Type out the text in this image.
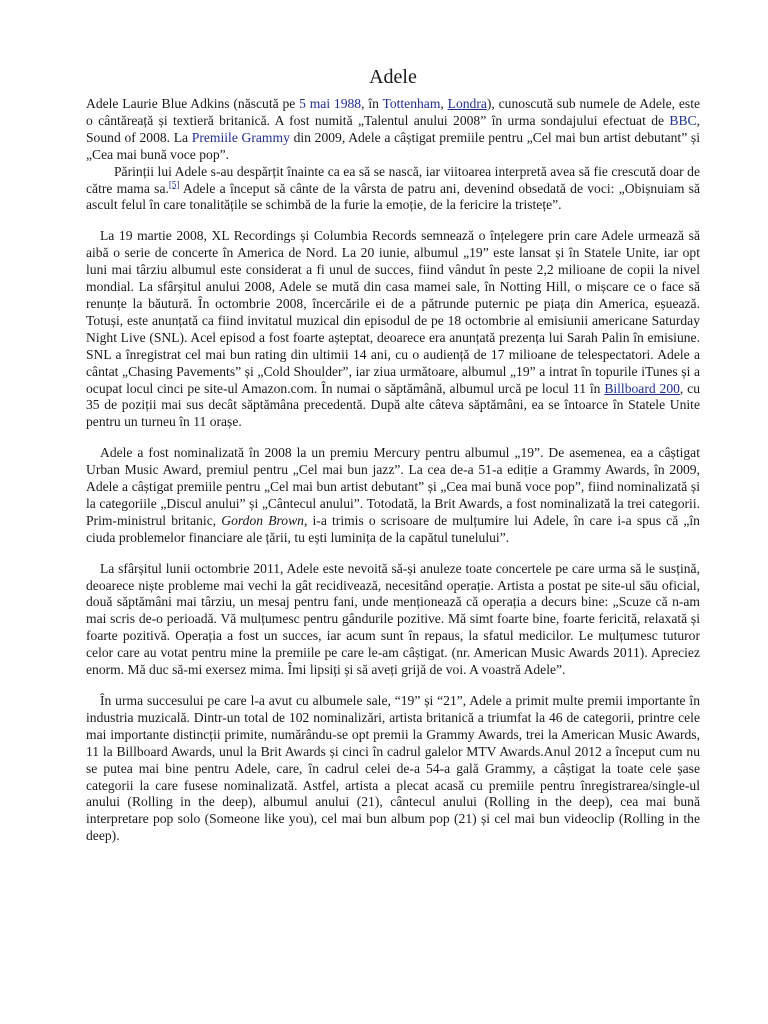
Adele

Adele Laurie Blue Adkins (născută pe 5 mai 1988, în Tottenham, Londra), cunoscută sub numele de Adele, este o cântăreață și textieră britanică. A fost numită „Talentul anului 2008” în urma sondajului efectuat de BBC, Sound of 2008. La Premiile Grammy din 2009, Adele a câștigat premiile pentru „Cel mai bun artist debutant” și „Cea mai bună voce pop”.

Părinții lui Adele s-au despărțit înainte ca ea să se nască, iar viitoarea interpretă avea să fie crescută doar de către mama sa.[5] Adele a început să cânte de la vârsta de patru ani, devenind obsedată de voci: „Obișnuiam să ascult felul în care tonalitățile se schimbă de la furie la emoție, de la fericire la tristețe”.

La 19 martie 2008, XL Recordings și Columbia Records semnează o înțelegere prin care Adele urmează să aibă o serie de concerte în America de Nord. La 20 iunie, albumul „19” este lansat și în Statele Unite, iar opt luni mai târziu albumul este considerat a fi unul de succes, fiind vândut în peste 2,2 milioane de copii la nivel mondial. La sfârșitul anului 2008, Adele se mută din casa mamei sale, în Notting Hill, o mișcare ce o face să renunțe la băutură. În octombrie 2008, încercările ei de a pătrunde puternic pe piața din America, eșuează. Totuși, este anunțată ca fiind invitatul muzical din episodul de pe 18 octombrie al emisiunii americane Saturday Night Live (SNL). Acel episod a fost foarte așteptat, deoarece era anunțată prezența lui Sarah Palin în emisiune. SNL a înregistrat cel mai bun rating din ultimii 14 ani, cu o audiență de 17 milioane de telespectatori. Adele a cântat „Chasing Pavements” și „Cold Shoulder”, iar ziua următoare, albumul „19” a intrat în topurile iTunes și a ocupat locul cinci pe site-ul Amazon.com. În numai o săptămână, albumul urcă pe locul 11 în Billboard 200, cu 35 de poziții mai sus decât săptămâna precedentă. După alte câteva săptămâni, ea se întoarce în Statele Unite pentru un turneu în 11 orașe.

Adele a fost nominalizată în 2008 la un premiu Mercury pentru albumul „19”. De asemenea, ea a câștigat Urban Music Award, premiul pentru „Cel mai bun jazz”. La cea de-a 51-a ediție a Grammy Awards, în 2009, Adele a câștigat premiile pentru „Cel mai bun artist debutant” și „Cea mai bună voce pop”, fiind nominalizată și la categoriile „Discul anului” și „Cântecul anului”. Totodată, la Brit Awards, a fost nominalizată la trei categorii. Prim-ministrul britanic, Gordon Brown, i-a trimis o scrisoare de mulțumire lui Adele, în care i-a spus că „în ciuda problemelor financiare ale țării, tu ești luminița de la capătul tunelului”.

La sfârșitul lunii octombrie 2011, Adele este nevoită să-și anuleze toate concertele pe care urma să le susțină, deoarece niște probleme mai vechi la gât recidivează, necesitând operație. Artista a postat pe site-ul său oficial, două săptămâni mai târziu, un mesaj pentru fani, unde menționează că operația a decurs bine: „Scuze că n-am mai scris de-o perioadă. Vă mulțumesc pentru gândurile pozitive. Mă simt foarte bine, foarte fericită, relaxată și foarte pozitivă. Operația a fost un succes, iar acum sunt în repaus, la sfatul medicilor. Le mulțumesc tuturor celor care au votat pentru mine la premiile pe care le-am câștigat. (nr. American Music Awards 2011). Apreciez enorm. Mă duc să-mi exersez mima. Îmi lipsiți și să aveți grijă de voi. A voastră Adele”.

În urma succesului pe care l-a avut cu albumele sale, “19” și “21”, Adele a primit multe premii importante în industria muzicală. Dintr-un total de 102 nominalizări, artista britanică a triumfat la 46 de categorii, printre cele mai importante distincții primite, numărându-se opt premii la Grammy Awards, trei la American Music Awards, 11 la Billboard Awards, unul la Brit Awards și cinci în cadrul galelor MTV Awards.Anul 2012 a început cum nu se putea mai bine pentru Adele, care, în cadrul celei de-a 54-a gală Grammy, a câștigat la toate cele șase categorii la care fusese nominalizată. Astfel, artista a plecat acasă cu premiile pentru înregistrarea/single-ul anului (Rolling in the deep), albumul anului (21), cântecul anului (Rolling in the deep), cea mai bună interpretare pop solo (Someone like you), cel mai bun album pop (21) și cel mai bun videoclip (Rolling in the deep).
